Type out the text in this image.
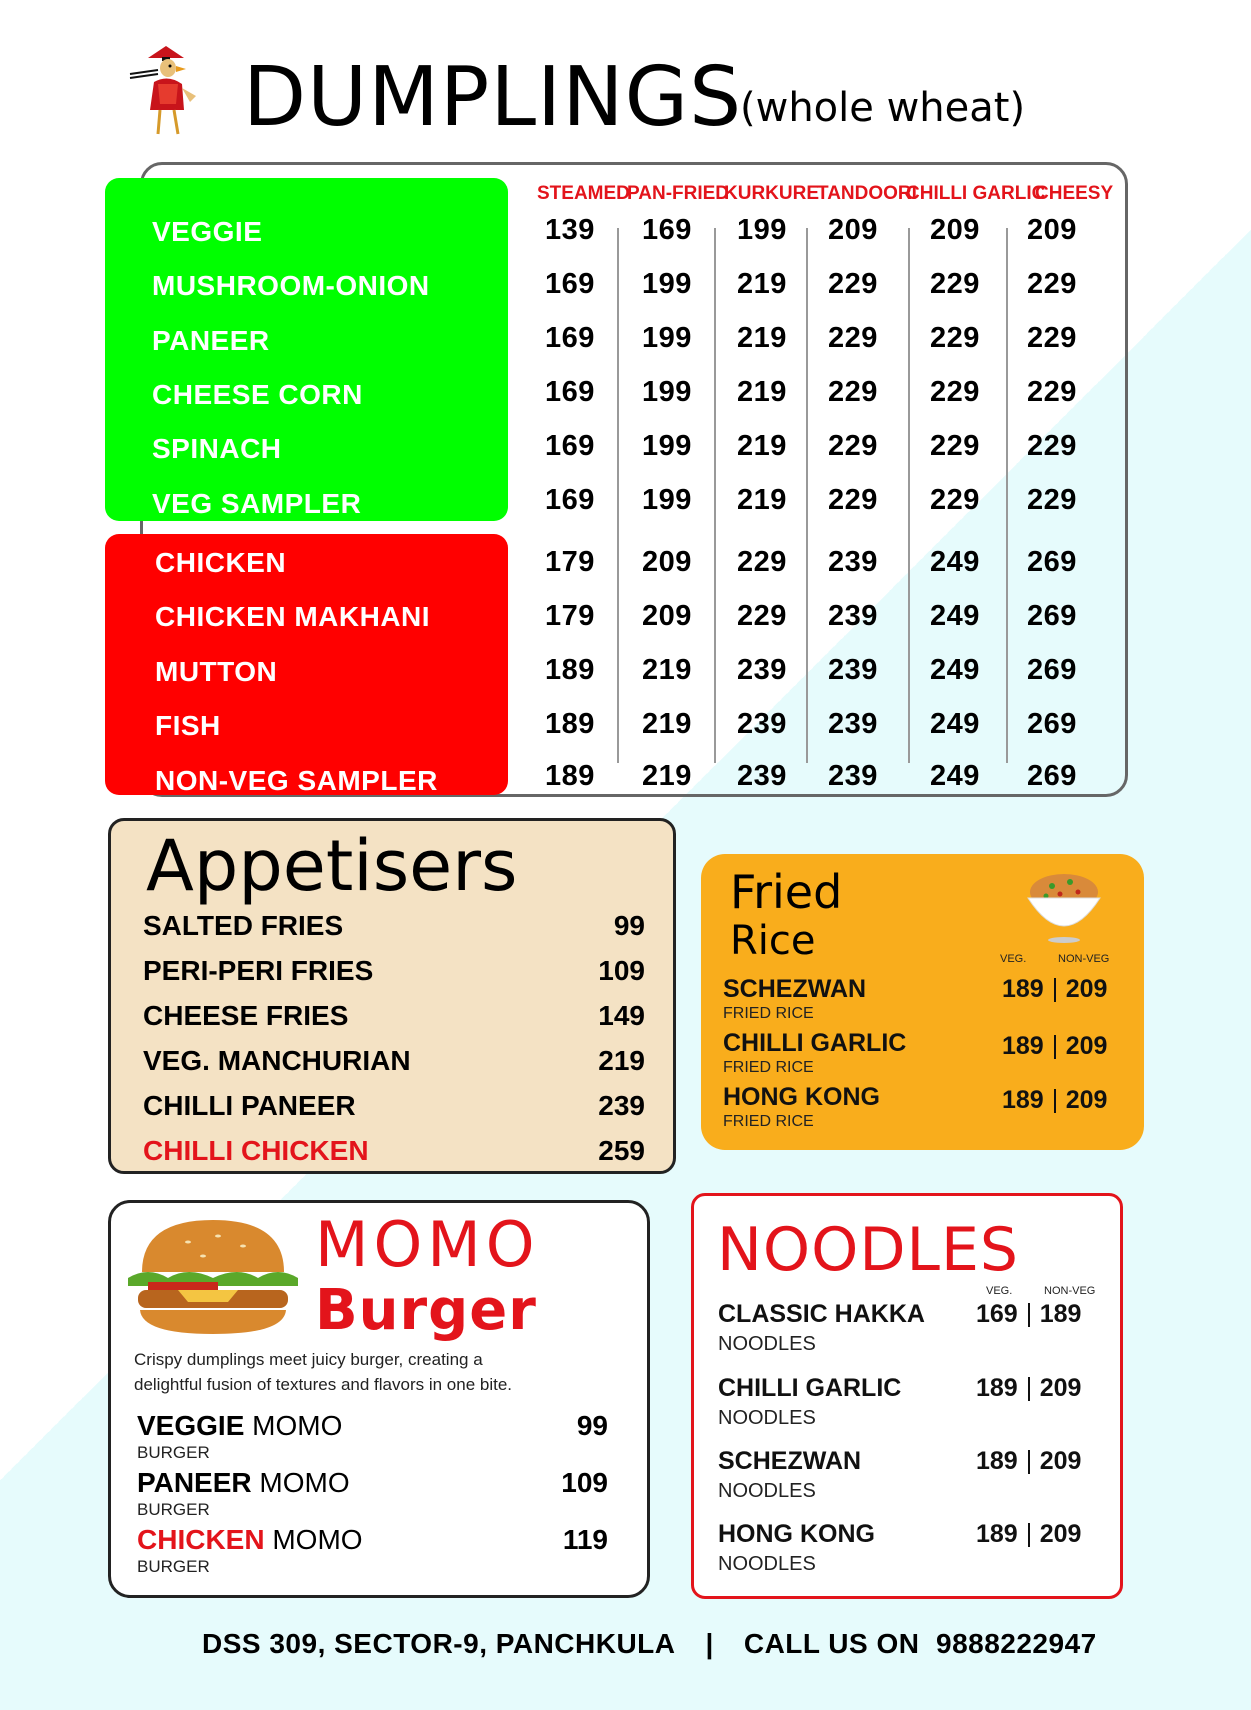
DUMPLINGS
(whole wheat)
STEAMED
PAN-FRIED
KURKURE
TANDOORI
CHILLI GARLIC
CHEESY
VEGGIE	139	169	199	209	209	209
MUSHROOM-ONION	169	199	219	229	229	229
PANEER	169	199	219	229	229	229
CHEESE CORN	169	199	219	229	229	229
SPINACH	169	199	219	229	229	229
VEG SAMPLER	169	199	219	229	229	229
CHICKEN	179	209	229	239	249	269
CHICKEN MAKHANI	179	209	229	239	249	269
MUTTON	189	219	239	239	249	269
FISH	189	219	239	239	249	269
NON-VEG SAMPLER	189	219	239	239	249	269
Appetisers
SALTED FRIES	99
PERI-PERI FRIES	109
CHEESE FRIES	149
VEG. MANCHURIAN	219
CHILLI PANEER	239
CHILLI CHICKEN	259
Fried
Rice	VEG.	NON-VEG
SCHEZWAN
FRIED RICE
189 209
CHILLI GARLIC
FRIED RICE
189 209
HONG KONG
FRIED RICE
189 209
MOMO
Burger
Crispy dumplings meet juicy burger, creating a
delightful fusion of textures and flavors in one bite.
VEGGIE MOMO
BURGER
99
PANEER MOMO
BURGER
109
CHICKEN MOMO
BURGER
119
NOODLES
VEG.	NON-VEG
CLASSIC HAKKA
NOODLES
169 189
CHILLI GARLIC
NOODLES
189 209
SCHEZWAN
NOODLES
189 209
HONG KONG
NOODLES
189 209
DSS 309, SECTOR-9, PANCHKULA | CALL US ON  9888222947
